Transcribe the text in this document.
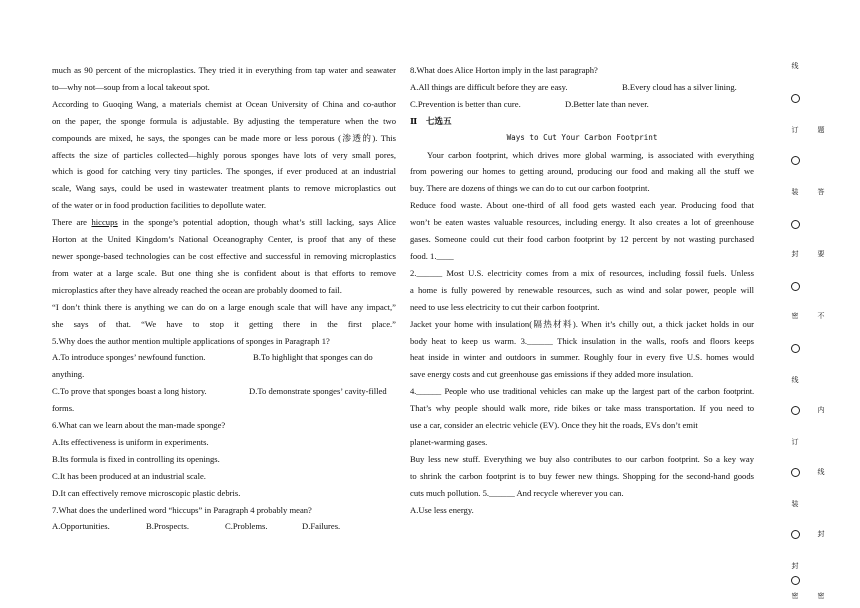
much as 90 percent of the microplastics. They tried it in everything from tap water and seawater

to—why not—soup from a local takeout spot.

According to Guoqing Wang, a materials chemist at Ocean University of China and co-author

on the paper, the sponge formula is adjustable. By adjusting the temperature when the two

compounds are mixed, he says, the sponges can be made more or less porous (渗透的). This

affects the size of particles collected—highly porous sponges have lots of very small pores,

which is good for catching very tiny particles. The sponges, if ever produced at an industrial

scale, Wang says, could be used in wastewater treatment plants to remove microplastics out

of the water or in food production facilities to depollute water.

There are hiccups in the sponge’s potential adoption, though what’s still lacking, says Alice

Horton at the United Kingdom’s National Oceanography Center, is proof that any of these

newer sponge-based technologies can be cost effective and successful in removing microplastics

from water at a large scale. But one thing she is confident about is that efforts to remove

microplastics after they have already reached the ocean are probably doomed to fail.

“I don’t think there is anything we can do on a large enough scale that will have any impact,”

she says of that. “We have to stop it getting there in the first place.”

5.Why does the author mention multiple applications of sponges in Paragraph 1?

A.To introduce sponges’ newfound function.	B.To highlight that sponges can do

anything.

C.To prove that sponges boast a long history.	D.To demonstrate sponges’ cavity-filled

forms.

6.What can we learn about the man-made sponge?

A.Its effectiveness is uniform in experiments.

B.Its formula is fixed in controlling its openings.

C.It has been produced at an industrial scale.

D.It can effectively remove microscopic plastic debris.

7.What does the underlined word “hiccups” in Paragraph 4 probably mean?

A.Opportunities.	B.Prospects.	C.Problems.	D.Failures.

8.What does Alice Horton imply in the last paragraph?

A.All things are difficult before they are easy.	B.Every cloud has a silver lining.

C.Prevention is better than cure.	D.Better late than never.

Ⅱ　七选五

Ways to Cut Your Carbon Footprint

Your carbon footprint, which drives more global warming, is associated with everything

from powering our homes to getting around, producing our food and making all the stuff we

buy. There are dozens of things we can do to cut our carbon footprint.

Reduce food waste. About one-third of all food gets wasted each year. Producing food that

won’t be eaten wastes valuable resources, including energy. It also creates a lot of greenhouse

gases. Someone could cut their food carbon footprint by 12 percent by not wasting purchased

food. 1.____

2.______ Most U.S. electricity comes from a mix of resources, including fossil fuels. Unless

a home is fully powered by renewable resources, such as wind and solar power, people will

need to use less electricity to cut their carbon footprint.

Jacket your home with insulation(隔热材料). When it’s chilly out, a thick jacket holds in our

body heat to keep us warm. 3.______ Thick insulation in the walls, roofs and floors keeps

heat inside in winter and outdoors in summer. Roughly four in every five U.S. homes would

save energy costs and cut greenhouse gas emissions if they added more insulation.

4.______ People who use traditional vehicles can make up the largest part of the carbon footprint.

That’s why people should walk more, ride bikes or take mass transportation. If you need to

use a car, consider an electric vehicle (EV). Once they hit the roads, EVs don’t emit

planet-warming gases.

Buy less new stuff. Everything we buy also contributes to our carbon footprint. So a key way

to shrink the carbon footprint is to buy fewer new things. Shopping for the second-hand goods

cuts much pollution. 5.______ And recycle wherever you can.

A.Use less energy.

线
订
装
封
密
线
订
装
封
密
题
答
要
不
内
线
封
密
